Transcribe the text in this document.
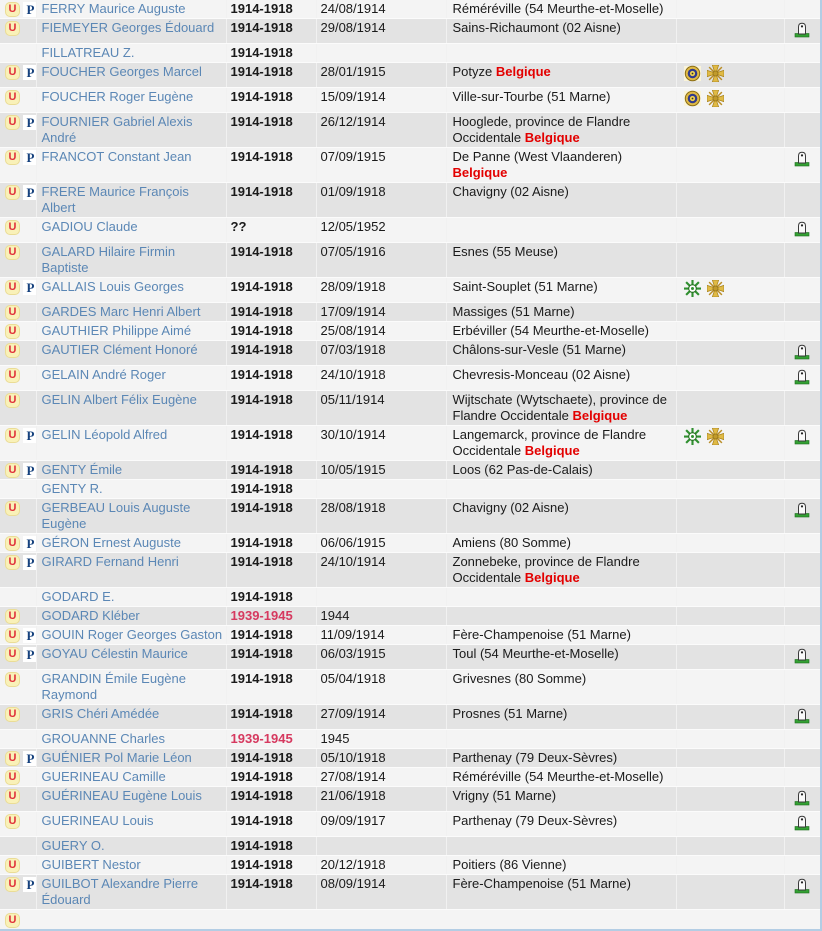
U P	FERRY Maurice Auguste	1914-1918	24/08/1914	Réméréville (54 Meurthe-et-Moselle)		
U	FIEMEYER Georges Édouard	1914-1918	29/08/1914	Sains-Richaumont (02 Aisne)		
	FILLATREAU Z.	1914-1918				
U P	FOUCHER Georges Marcel	1914-1918	28/01/1915	Potyze Belgique		
U	FOUCHER Roger Eugène	1914-1918	15/09/1914	Ville-sur-Tourbe (51 Marne)		
U P	FOURNIER Gabriel Alexis André	1914-1918	26/12/1914	Hooglede, province de Flandre Occidentale Belgique		
U P	FRANCOT Constant Jean	1914-1918	07/09/1915	De Panne (West Vlaanderen) Belgique		
U P	FRERE Maurice François Albert	1914-1918	01/09/1918	Chavigny (02 Aisne)		
U	GADIOU Claude	??	12/05/1952			
U	GALARD Hilaire Firmin Baptiste	1914-1918	07/05/1916	Esnes (55 Meuse)		
U P	GALLAIS Louis Georges	1914-1918	28/09/1918	Saint-Souplet (51 Marne)		
U	GARDES Marc Henri Albert	1914-1918	17/09/1914	Massiges (51 Marne)		
U	GAUTHIER Philippe Aimé	1914-1918	25/08/1914	Erbéviller (54 Meurthe-et-Moselle)		
U	GAUTIER Clément Honoré	1914-1918	07/03/1918	Châlons-sur-Vesle (51 Marne)		
U	GELAIN André Roger	1914-1918	24/10/1918	Chevresis-Monceau (02 Aisne)		
U	GELIN Albert Félix Eugène	1914-1918	05/11/1914	Wijtschate (Wytschaete), province de Flandre Occidentale Belgique		
U P	GELIN Léopold Alfred	1914-1918	30/10/1914	Langemarck, province de Flandre Occidentale Belgique		
U P	GENTY Émile	1914-1918	10/05/1915	Loos (62 Pas-de-Calais)		
	GENTY R.	1914-1918				
U	GERBEAU Louis Auguste Eugène	1914-1918	28/08/1918	Chavigny (02 Aisne)		
U P	GÉRON Ernest Auguste	1914-1918	06/06/1915	Amiens (80 Somme)		
U P	GIRARD Fernand Henri	1914-1918	24/10/1914	Zonnebeke, province de Flandre Occidentale Belgique		
	GODARD E.	1914-1918				
U	GODARD Kléber	1939-1945	1944			
U P	GOUIN Roger Georges Gaston	1914-1918	11/09/1914	Fère-Champenoise (51 Marne)		
U P	GOYAU Célestin Maurice	1914-1918	06/03/1915	Toul (54 Meurthe-et-Moselle)		
U	GRANDIN Émile Eugène Raymond	1914-1918	05/04/1918	Grivesnes (80 Somme)		
U	GRIS Chéri Amédée	1914-1918	27/09/1914	Prosnes (51 Marne)		
	GROUANNE Charles	1939-1945	1945			
U P	GUÉNIER Pol Marie Léon	1914-1918	05/10/1918	Parthenay (79 Deux-Sèvres)		
U	GUERINEAU Camille	1914-1918	27/08/1914	Réméréville (54 Meurthe-et-Moselle)		
U	GUÉRINEAU Eugène Louis	1914-1918	21/06/1918	Vrigny (51 Marne)		
U	GUERINEAU Louis	1914-1918	09/09/1917	Parthenay (79 Deux-Sèvres)		
	GUERY O.	1914-1918				
U	GUIBERT Nestor	1914-1918	20/12/1918	Poitiers (86 Vienne)		
U P	GUILBOT Alexandre Pierre Édouard	1914-1918	08/09/1914	Fère-Champenoise (51 Marne)		
U						
